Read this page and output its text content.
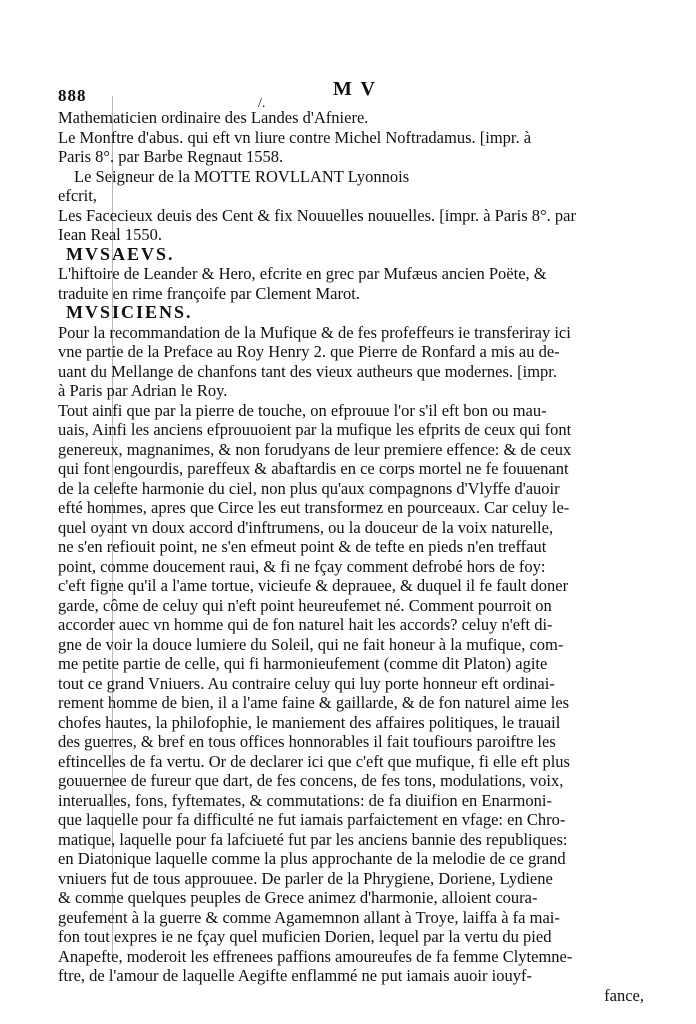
888	/.
M V
Mathematicien ordinaire des Landes d'Afniere.
Le Monftre d'abus. qui eft vn liure contre Michel Noftradamus. [impr. à
Paris 8°. par Barbe Regnaut 1558.
Le Seigneur de la MOTTE ROVLLANT Lyonnois
efcrit,
Les Facecieux deuis des Cent & fix Nouuelles nouuelles. [impr. à Paris 8°. par
Iean Real 1550.
MVSAEVS.
L'hiftoire de Leander & Hero, efcrite en grec par Mufæus ancien Poëte, &
traduite en rime françoife par Clement Marot.
MVSICIENS.
Pour la recommandation de la Mufique & de fes profeffeurs ie transferiray ici
vne partie de la Preface au Roy Henry 2. que Pierre de Ronfard a mis au de-
uant du Mellange de chanfons tant des vieux autheurs que modernes. [impr.
à Paris par Adrian le Roy.
Tout ainfi que par la pierre de touche, on efprouue l'or s'il eft bon ou mau-
uais, Ainfi les anciens efprouuoient par la mufique les efprits de ceux qui font
genereux, magnanimes, & non forudyans de leur premiere effence: & de ceux
qui font engourdis, pareffeux & abaftardis en ce corps mortel ne fe fouuenant
de la celefte harmonie du ciel, non plus qu'aux compagnons d'Vlyffe d'auoir
efté hommes, apres que Circe les eut transformez en pourceaux. Car celuy le-
quel oyant vn doux accord d'inftrumens, ou la douceur de la voix naturelle,
ne s'en refiouit point, ne s'en efmeut point & de tefte en pieds n'en treffaut
point, comme doucement raui, & fi ne fçay comment defrobé hors de foy:
c'eft figne qu'il a l'ame tortue, vicieufe & deprauee, & duquel il fe fault doner
garde, côme de celuy qui n'eft point heureufemet né. Comment pourroit on
accorder auec vn homme qui de fon naturel hait les accords? celuy n'eft di-
gne de voir la douce lumiere du Soleil, qui ne fait honeur à la mufique, com-
me petite partie de celle, qui fi harmonieufement (comme dit Platon) agite
tout ce grand Vniuers. Au contraire celuy qui luy porte honneur eft ordinai-
rement homme de bien, il a l'ame faine & gaillarde, & de fon naturel aime les
chofes hautes, la philofophie, le maniement des affaires politiques, le trauail
des guerres, & bref en tous offices honnorables il fait toufiours paroiftre les
eftincelles de fa vertu. Or de declarer ici que c'eft que mufique, fi elle eft plus
gouuernee de fureur que dart, de fes concens, de fes tons, modulations, voix,
interualles, fons, fyftemates, & commutations: de fa diuifion en Enarmoni-
que laquelle pour fa difficulté ne fut iamais parfaictement en vfage: en Chro-
matique, laquelle pour fa lafciueté fut par les anciens bannie des republiques:
en Diatonique laquelle comme la plus approchante de la melodie de ce grand
vniuers fut de tous approuuee. De parler de la Phrygiene, Doriene, Lydiene
& comme quelques peuples de Grece animez d'harmonie, alloient coura-
geufement à la guerre & comme Agamemnon allant à Troye, laiffa à fa mai-
fon tout expres ie ne fçay quel muficien Dorien, lequel par la vertu du pied
Anapefte, moderoit les effrenees paffions amoureufes de fa femme Clytemne-
ftre, de l'amour de laquelle Aegifte enflammé ne put iamais auoir iouyf-
fance,
